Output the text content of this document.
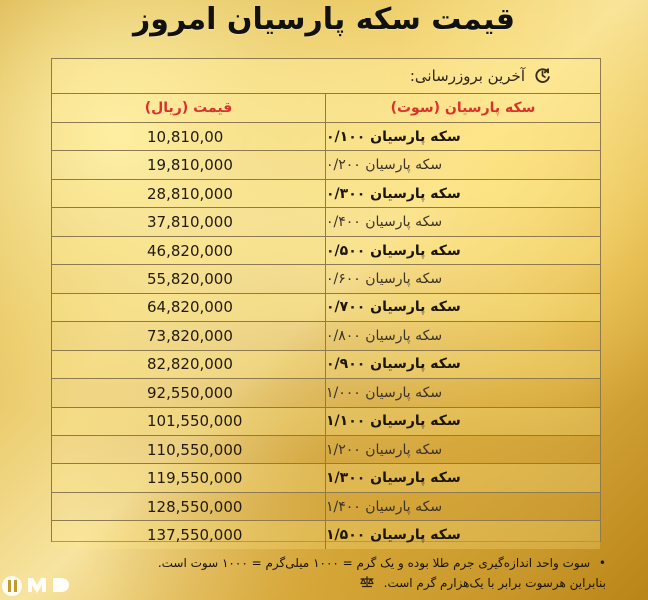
قیمت سکه پارسیان امروز
آخرین بروزرسانی:
قیمت (ریال)	سکه پارسیان (سوت)
10,810,00	سکه پارسیان ۰/۱۰۰
19,810,000	سکه پارسیان ۰/۲۰۰
28,810,000	سکه پارسیان ۰/۳۰۰
37,810,000	سکه پارسیان ۰/۴۰۰
46,820,000	سکه پارسیان ۰/۵۰۰
55,820,000	سکه پارسیان ۰/۶۰۰
64,820,000	سکه پارسیان ۰/۷۰۰
73,820,000	سکه پارسیان ۰/۸۰۰
82,820,000	سکه پارسیان ۰/۹۰۰
92,550,000	سکه پارسیان ۱/۰۰۰
101,550,000	سکه پارسیان ۱/۱۰۰
110,550,000	سکه پارسیان ۱/۲۰۰
119,550,000	سکه پارسیان ۱/۳۰۰
128,550,000	سکه پارسیان ۱/۴۰۰
137,550,000	سکه پارسیان ۱/۵۰۰
• سوت واحد اندازه‌گیری جرم طلا بوده و یک گرم = ۱۰۰۰ میلی‌گرم = ۱۰۰۰ سوت است.
بنابراین هرسوت برابر با یک‌هزارم گرم است.
